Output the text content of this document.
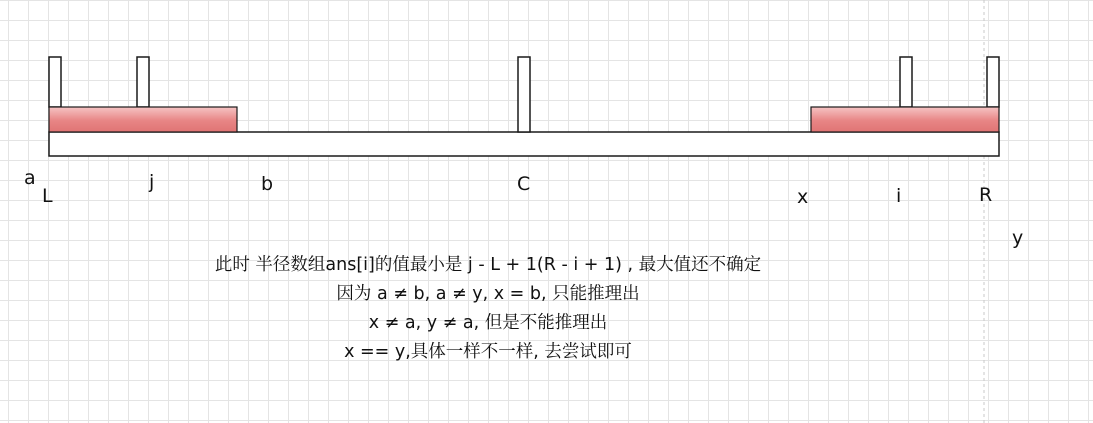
a
L
j	b	C
x	i	R
y
此时 半径数组ans[i]的值最小是 j - L + 1(R - i + 1) , 最大值还不确定
因为 a ≠ b, a ≠ y, x = b, 只能推理出
x ≠ a, y ≠ a, 但是不能推理出
x == y,具体一样不一样, 去尝试即可
